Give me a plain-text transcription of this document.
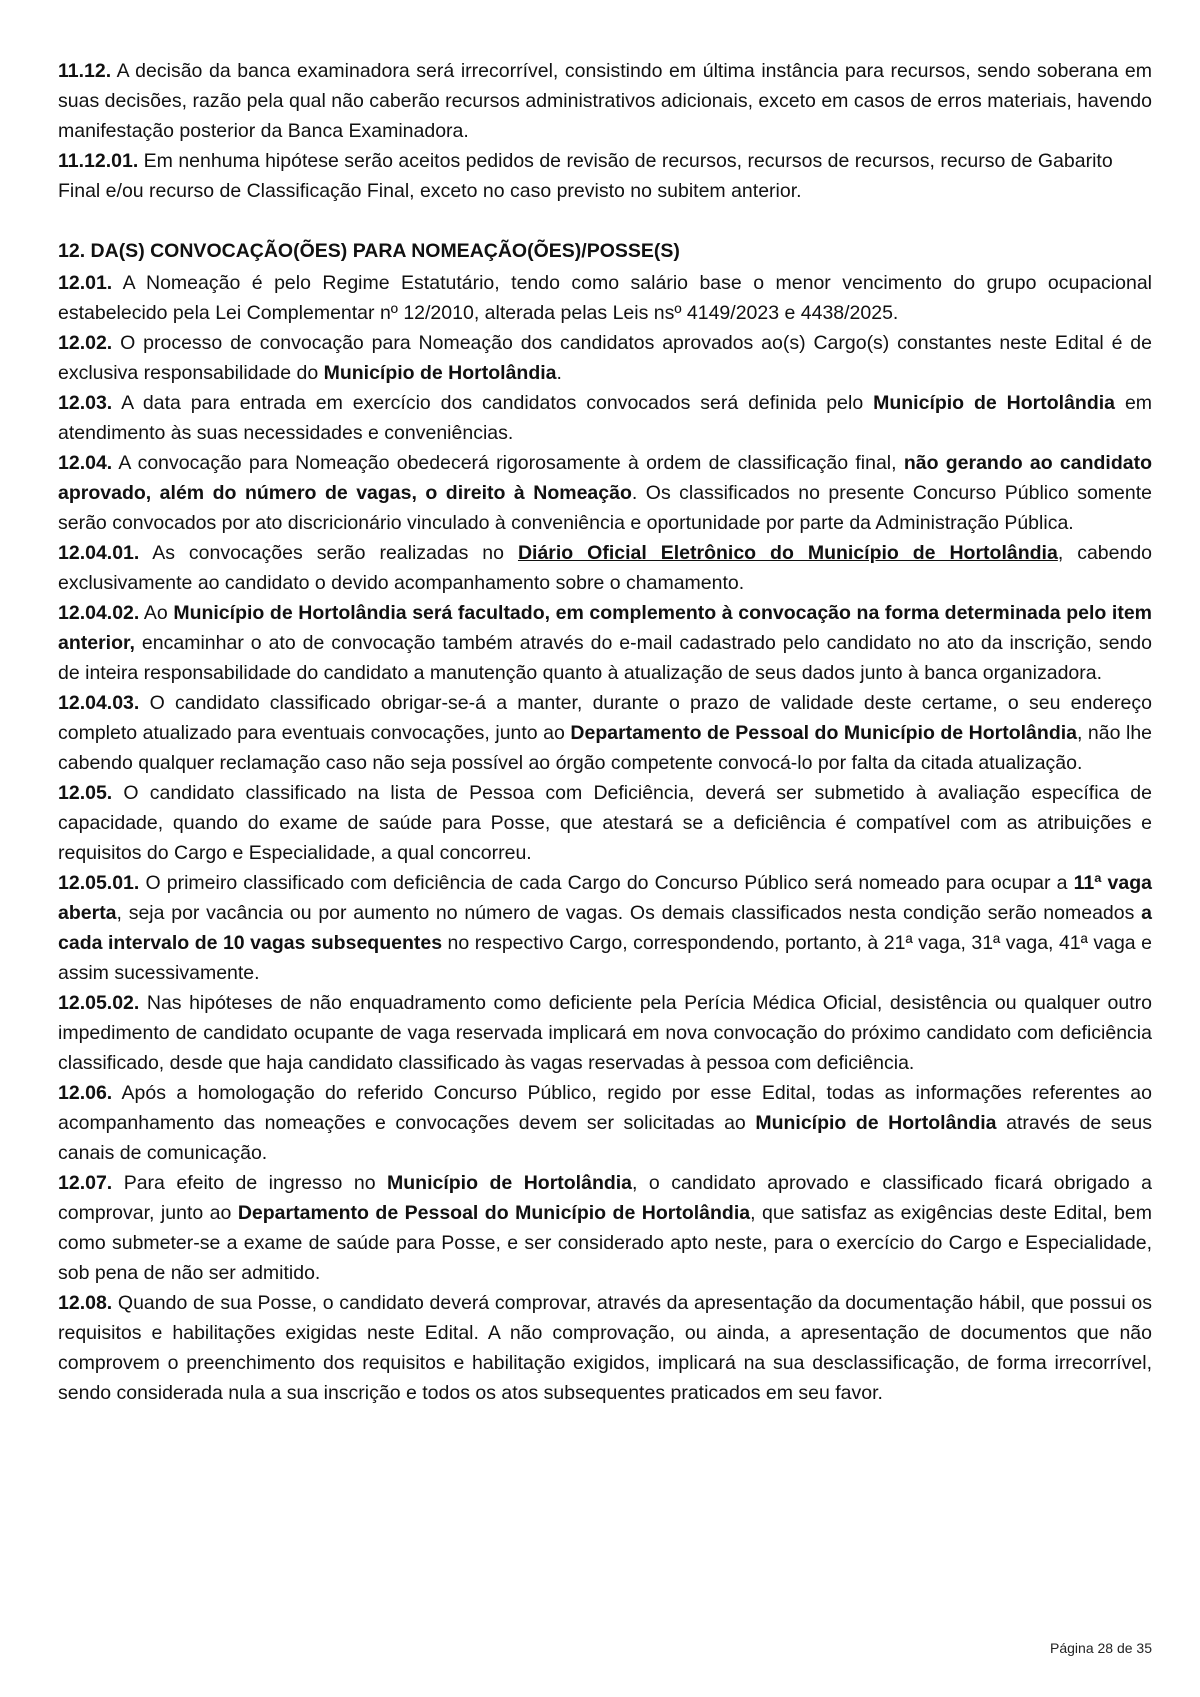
11.12. A decisão da banca examinadora será irrecorrível, consistindo em última instância para recursos, sendo soberana em suas decisões, razão pela qual não caberão recursos administrativos adicionais, exceto em casos de erros materiais, havendo manifestação posterior da Banca Examinadora.

11.12.01. Em nenhuma hipótese serão aceitos pedidos de revisão de recursos, recursos de recursos, recurso de Gabarito Final e/ou recurso de Classificação Final, exceto no caso previsto no subitem anterior.

12. DA(S) CONVOCAÇÃO(ÕES) PARA NOMEAÇÃO(ÕES)/POSSE(S)

12.01. A Nomeação é pelo Regime Estatutário, tendo como salário base o menor vencimento do grupo ocupacional estabelecido pela Lei Complementar nº 12/2010, alterada pelas Leis nsº 4149/2023 e 4438/2025.

12.02. O processo de convocação para Nomeação dos candidatos aprovados ao(s) Cargo(s) constantes neste Edital é de exclusiva responsabilidade do Município de Hortolândia.

12.03. A data para entrada em exercício dos candidatos convocados será definida pelo Município de Hortolândia em atendimento às suas necessidades e conveniências.

12.04. A convocação para Nomeação obedecerá rigorosamente à ordem de classificação final, não gerando ao candidato aprovado, além do número de vagas, o direito à Nomeação. Os classificados no presente Concurso Público somente serão convocados por ato discricionário vinculado à conveniência e oportunidade por parte da Administração Pública.

12.04.01. As convocações serão realizadas no Diário Oficial Eletrônico do Município de Hortolândia, cabendo exclusivamente ao candidato o devido acompanhamento sobre o chamamento.

12.04.02. Ao Município de Hortolândia será facultado, em complemento à convocação na forma determinada pelo item anterior, encaminhar o ato de convocação também através do e-mail cadastrado pelo candidato no ato da inscrição, sendo de inteira responsabilidade do candidato a manutenção quanto à atualização de seus dados junto à banca organizadora.

12.04.03. O candidato classificado obrigar-se-á a manter, durante o prazo de validade deste certame, o seu endereço completo atualizado para eventuais convocações, junto ao Departamento de Pessoal do Município de Hortolândia, não lhe cabendo qualquer reclamação caso não seja possível ao órgão competente convocá-lo por falta da citada atualização.

12.05. O candidato classificado na lista de Pessoa com Deficiência, deverá ser submetido à avaliação específica de capacidade, quando do exame de saúde para Posse, que atestará se a deficiência é compatível com as atribuições e requisitos do Cargo e Especialidade, a qual concorreu.

12.05.01. O primeiro classificado com deficiência de cada Cargo do Concurso Público será nomeado para ocupar a 11ª vaga aberta, seja por vacância ou por aumento no número de vagas. Os demais classificados nesta condição serão nomeados a cada intervalo de 10 vagas subsequentes no respectivo Cargo, correspondendo, portanto, à 21ª vaga, 31ª vaga, 41ª vaga e assim sucessivamente.

12.05.02. Nas hipóteses de não enquadramento como deficiente pela Perícia Médica Oficial, desistência ou qualquer outro impedimento de candidato ocupante de vaga reservada implicará em nova convocação do próximo candidato com deficiência classificado, desde que haja candidato classificado às vagas reservadas à pessoa com deficiência.

12.06. Após a homologação do referido Concurso Público, regido por esse Edital, todas as informações referentes ao acompanhamento das nomeações e convocações devem ser solicitadas ao Município de Hortolândia através de seus canais de comunicação.

12.07. Para efeito de ingresso no Município de Hortolândia, o candidato aprovado e classificado ficará obrigado a comprovar, junto ao Departamento de Pessoal do Município de Hortolândia, que satisfaz as exigências deste Edital, bem como submeter-se a exame de saúde para Posse, e ser considerado apto neste, para o exercício do Cargo e Especialidade, sob pena de não ser admitido.

12.08. Quando de sua Posse, o candidato deverá comprovar, através da apresentação da documentação hábil, que possui os requisitos e habilitações exigidas neste Edital. A não comprovação, ou ainda, a apresentação de documentos que não comprovem o preenchimento dos requisitos e habilitação exigidos, implicará na sua desclassificação, de forma irrecorrível, sendo considerada nula a sua inscrição e todos os atos subsequentes praticados em seu favor.

Página 28 de 35
